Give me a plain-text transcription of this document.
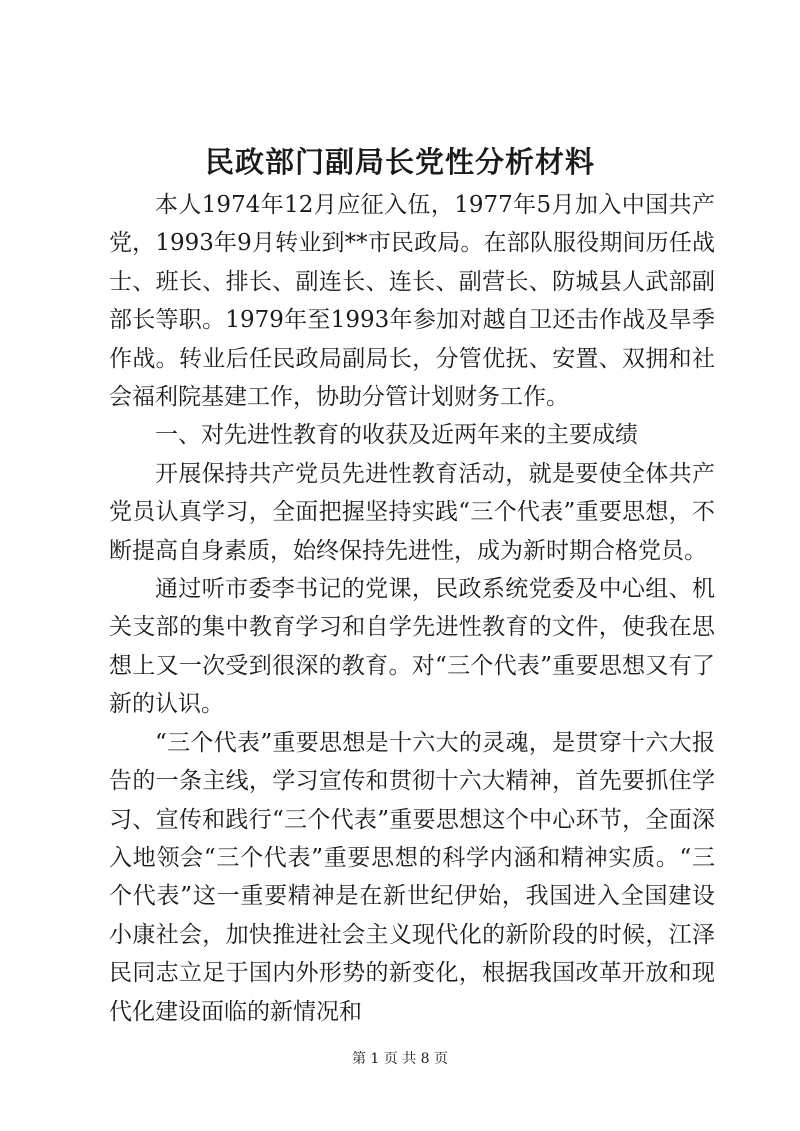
民政部门副局长党性分析材料

本人1974年12月应征入伍，1977年5月加入中国共产党，1993年9月转业到**市民政局。在部队服役期间历任战士、班长、排长、副连长、连长、副营长、防城县人武部副部长等职。1979年至1993年参加对越自卫还击作战及旱季作战。转业后任民政局副局长，分管优抚、安置、双拥和社会福利院基建工作，协助分管计划财务工作。

一、对先进性教育的收获及近两年来的主要成绩

开展保持共产党员先进性教育活动，就是要使全体共产党员认真学习，全面把握坚持实践“三个代表”重要思想，不断提高自身素质，始终保持先进性，成为新时期合格党员。

通过听市委李书记的党课，民政系统党委及中心组、机关支部的集中教育学习和自学先进性教育的文件，使我在思想上又一次受到很深的教育。对“三个代表”重要思想又有了新的认识。

“三个代表”重要思想是十六大的灵魂，是贯穿十六大报告的一条主线，学习宣传和贯彻十六大精神，首先要抓住学习、宣传和践行“三个代表”重要思想这个中心环节，全面深入地领会“三个代表”重要思想的科学内涵和精神实质。“三个代表”这一重要精神是在新世纪伊始，我国进入全国建设小康社会，加快推进社会主义现代化的新阶段的时候，江泽民同志立足于国内外形势的新变化，根据我国改革开放和现代化建设面临的新情况和

第 1 页 共 8 页
